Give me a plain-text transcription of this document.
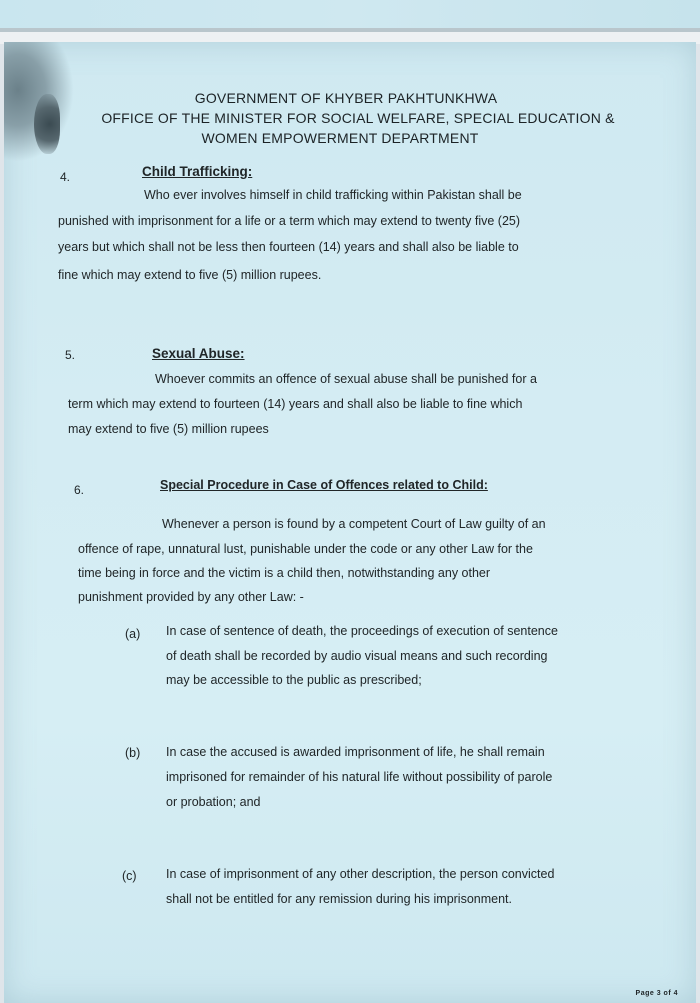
GOVERNMENT OF KHYBER PAKHTUNKHWA
OFFICE OF THE MINISTER FOR SOCIAL WELFARE, SPECIAL EDUCATION &
WOMEN EMPOWERMENT DEPARTMENT
4.	Child Trafficking:
Who ever involves himself in child trafficking within Pakistan shall be
punished with imprisonment for a life or a term which may extend to twenty five (25)
years but which shall not be less then fourteen (14) years and shall also be liable to
fine which may extend to five (5) million rupees.
5.	Sexual Abuse:
Whoever commits an offence of sexual abuse shall be punished for a
term which may extend to fourteen (14) years and shall also be liable to fine which
may extend to five (5) million rupees
6.	Special Procedure in Case of Offences related to Child:
Whenever a person is found by a competent Court of Law guilty of an
offence of rape, unnatural lust, punishable under the code or any other Law for the
time being in force and the victim is a child then, notwithstanding any other
punishment provided by any other Law: -
(a) In case of sentence of death, the proceedings of execution of sentence
of death shall be recorded by audio visual means and such recording
may be accessible to the public as prescribed;
(b) In case the accused is awarded imprisonment of life, he shall remain
imprisoned for remainder of his natural life without possibility of parole
or probation; and
(c) In case of imprisonment of any other description, the person convicted
shall not be entitled for any remission during his imprisonment.
Page 3 of 4
